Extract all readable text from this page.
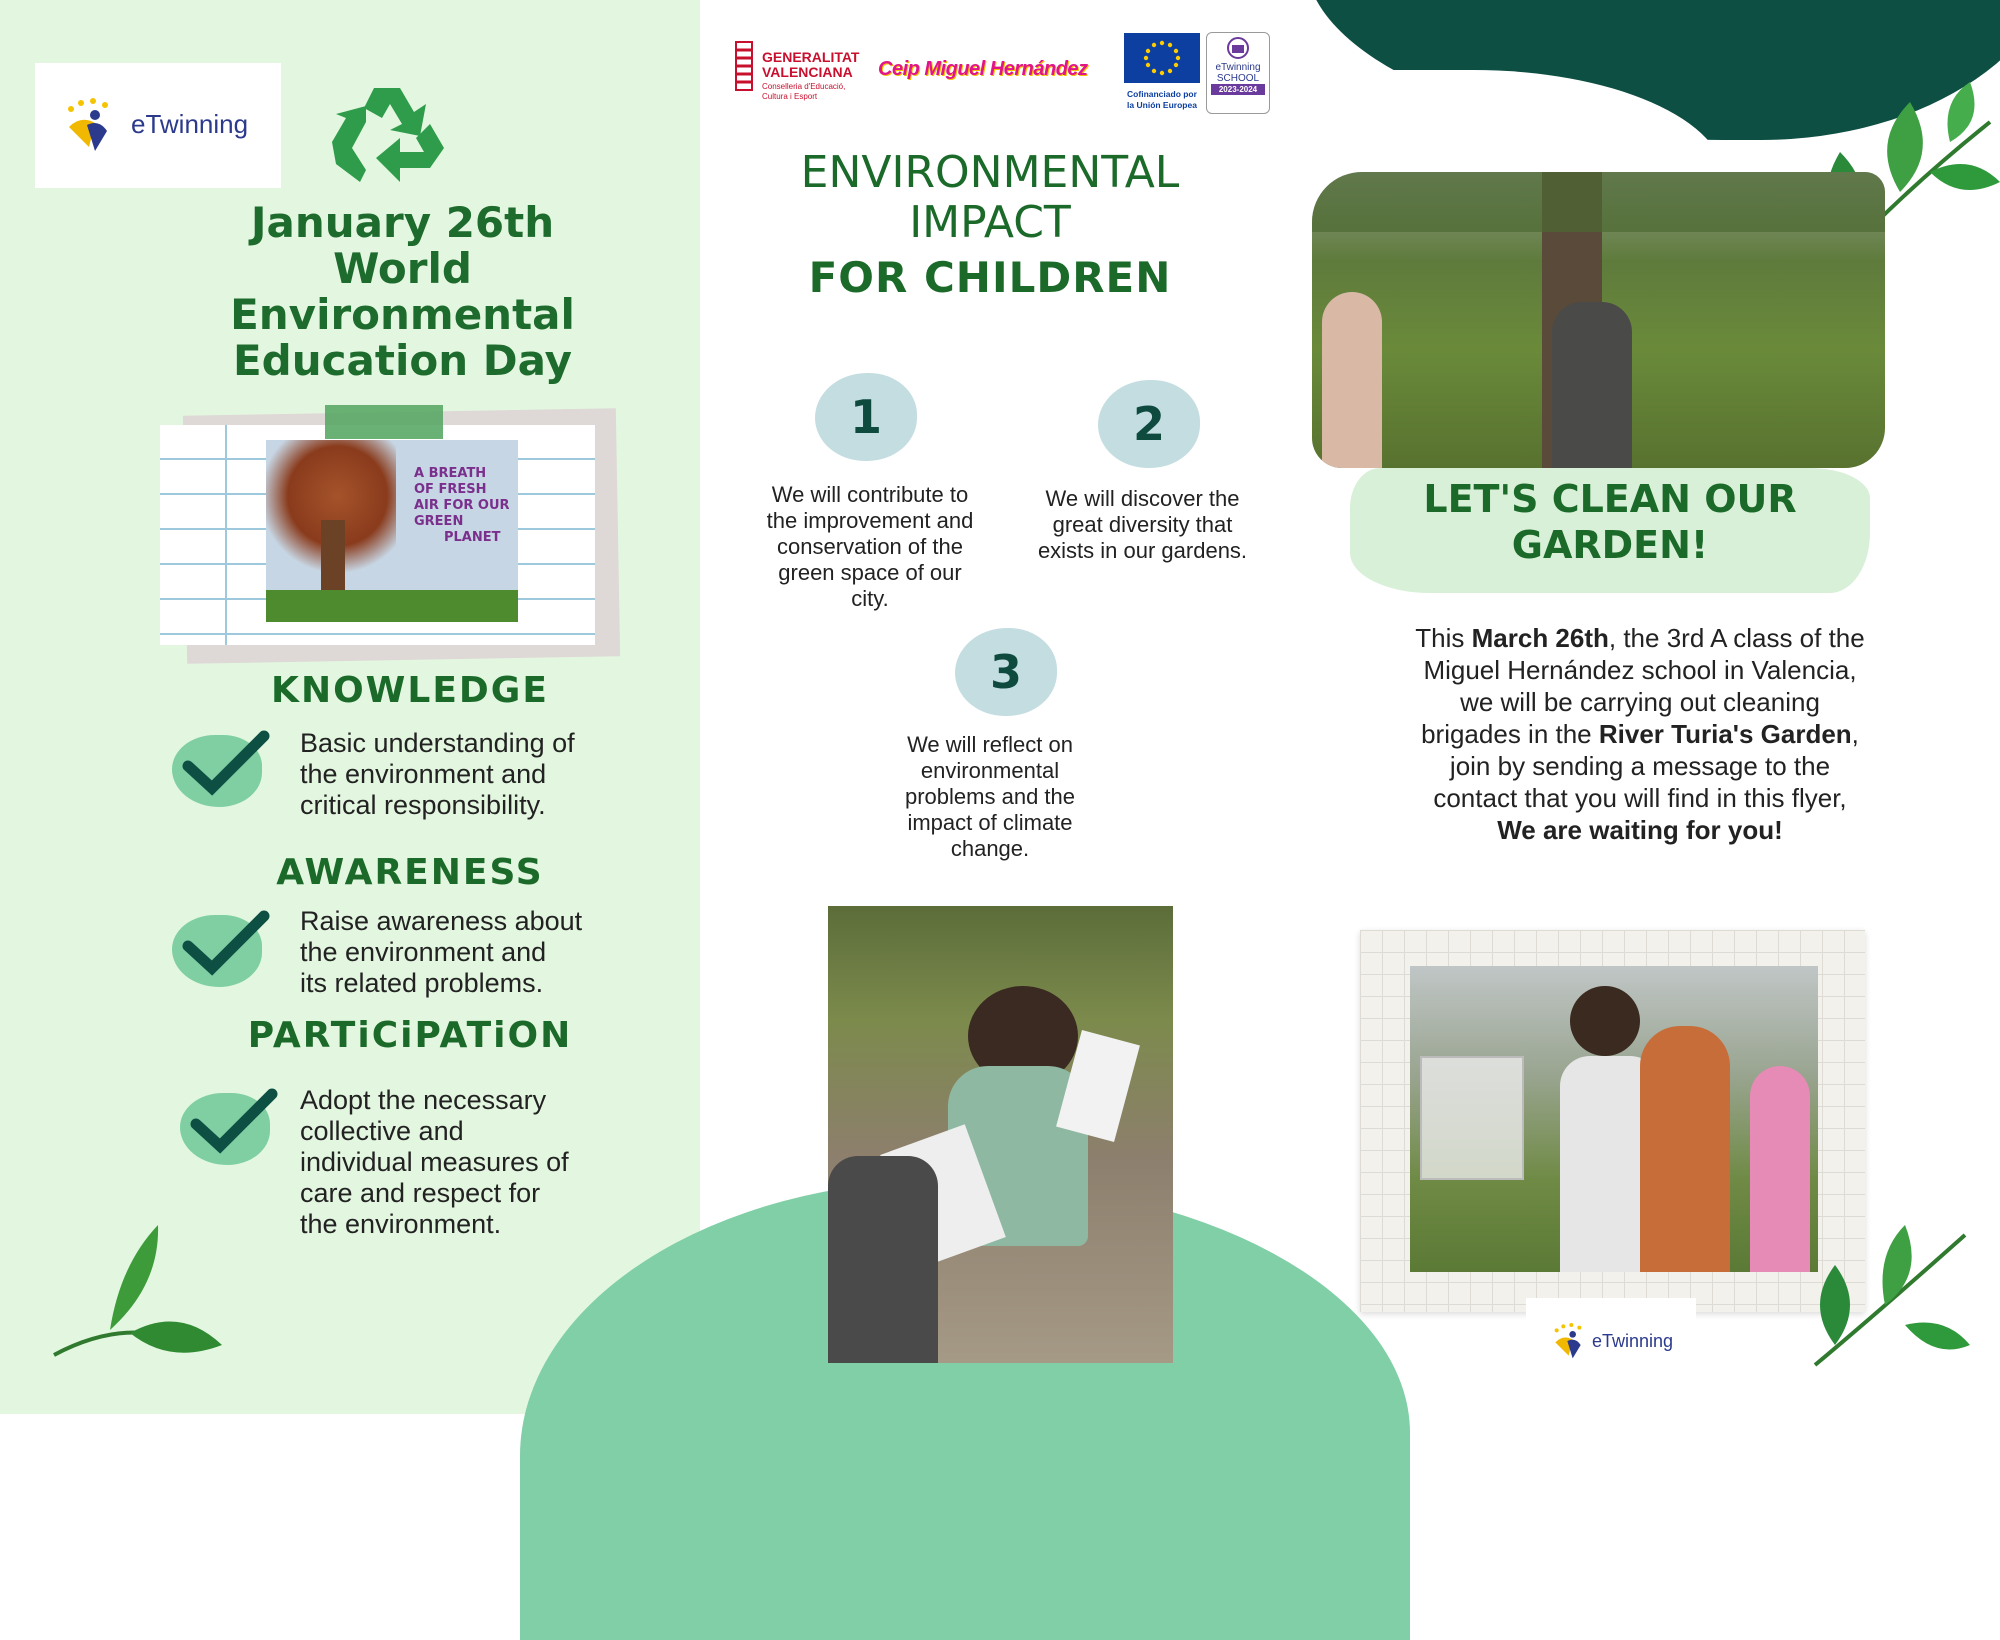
eTwinning
January 26th
World
Environmental
Education Day
A BREATH
OF FRESH
AIR FOR OUR
GREEN
PLANET
KNOWLEDGE
Basic understanding of
the environment and
critical responsibility.
AWARENESS
Raise awareness about
the environment and
its related problems.
PARTiCiPATiON
Adopt the necessary
collective and
individual measures of
care and respect for
the environment.
GENERALITAT
VALENCIANA
Conselleria d'Educació,
Cultura i Esport
Ceip Miguel Hernández
Cofinanciado por
la Unión Europea
eTwinning
SCHOOL
2023-2024
ENVIRONMENTAL
IMPACT
FOR CHILDREN
1
We will contribute to
the improvement and
conservation of the
green space of our
city.
2
We will discover the
great diversity that
exists in our gardens.
3
We will reflect on
environmental
problems and the
impact of climate
change.
LET'S CLEAN OUR
GARDEN!
This March 26th, the 3rd A class of the
Miguel Hernández school in Valencia,
we will be carrying out cleaning
brigades in the River Turia's Garden,
join by sending a message to the
contact that you will find in this flyer,
We are waiting for you!
eTwinning
